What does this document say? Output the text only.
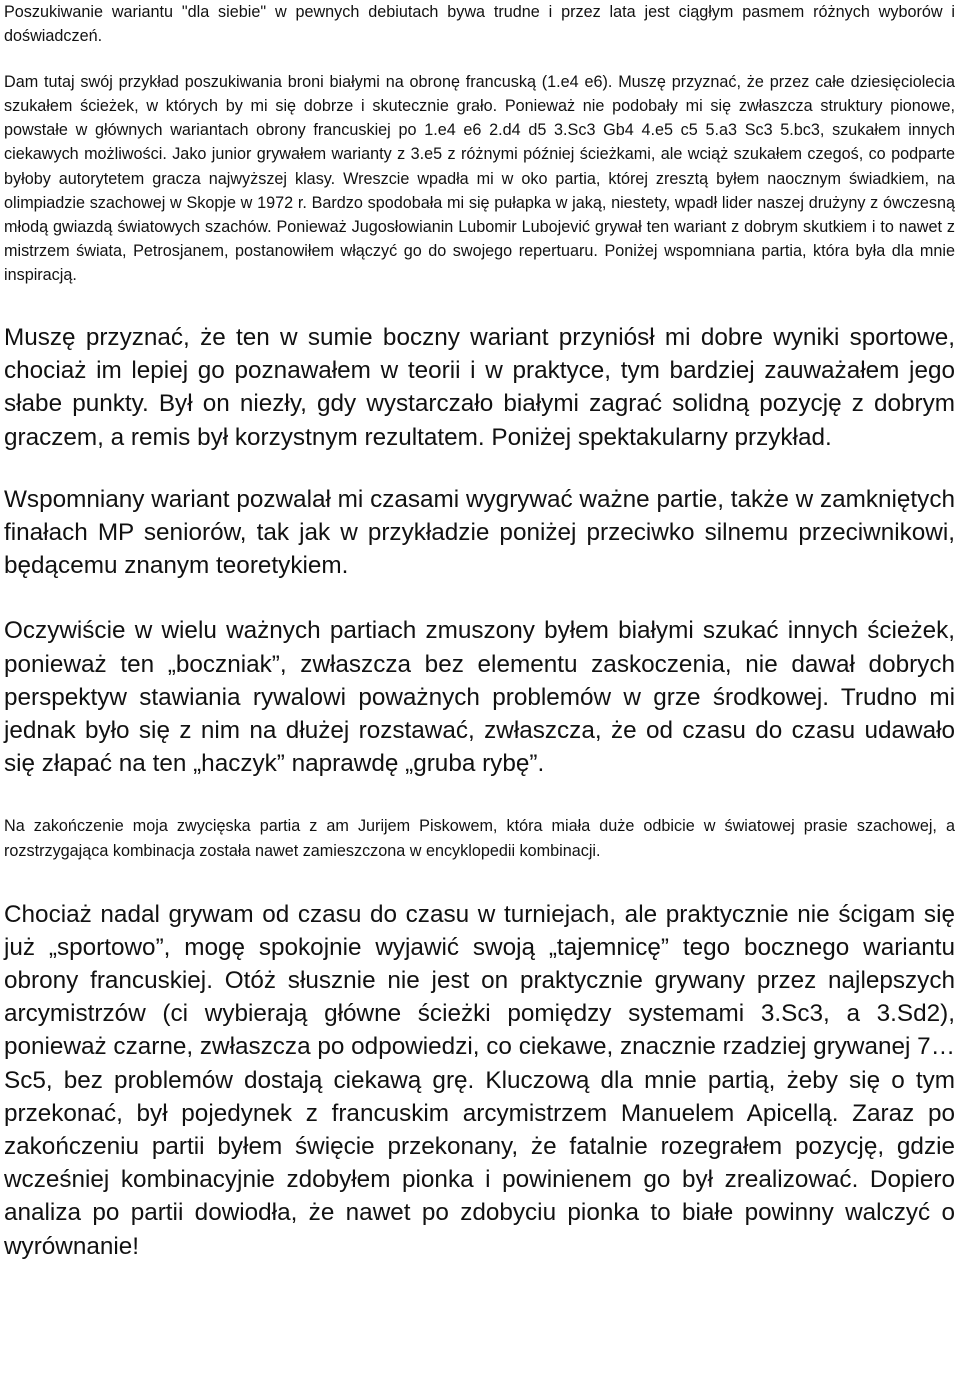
Poszukiwanie wariantu "dla siebie" w pewnych debiutach bywa trudne i przez lata jest ciągłym pasmem różnych wyborów i doświadczeń.

Dam tutaj swój przykład poszukiwania broni białymi na obronę francuską (1.e4 e6). Muszę przyznać, że przez całe dziesięciolecia szukałem ścieżek, w których by mi się dobrze i skutecznie grało. Ponieważ nie podobały mi się zwłaszcza struktury pionowe, powstałe w głównych wariantach obrony francuskiej po 1.e4 e6 2.d4 d5 3.Sc3 Gb4 4.e5 c5 5.a3 Sc3 5.bc3, szukałem innych ciekawych możliwości. Jako junior grywałem warianty z 3.e5 z różnymi później ścieżkami, ale wciąż szukałem czegoś, co podparte byłoby autorytetem gracza najwyższej klasy. Wreszcie wpadła mi w oko partia, której zresztą byłem naocznym świadkiem, na olimpiadzie szachowej w Skopje w 1972 r. Bardzo spodobała mi się pułapka w jaką, niestety, wpadł lider naszej drużyny z ówczesną młodą gwiazdą światowych szachów. Ponieważ Jugosłowianin Lubomir Lubojević grywał ten wariant z dobrym skutkiem i to nawet z mistrzem świata, Petrosjanem, postanowiłem włączyć go do swojego repertuaru. Poniżej wspomniana partia, która była dla mnie inspiracją.

Muszę przyznać, że ten w sumie boczny wariant przyniósł mi dobre wyniki sportowe, chociaż im lepiej go poznawałem w teorii i w praktyce, tym bardziej zauważałem jego słabe punkty. Był on niezły, gdy wystarczało białymi zagrać solidną pozycję z dobrym graczem, a remis był korzystnym rezultatem. Poniżej spektakularny przykład.

Wspomniany wariant pozwalał mi czasami wygrywać ważne partie, także w zamkniętych finałach MP seniorów, tak jak w przykładzie poniżej przeciwko silnemu przeciwnikowi, będącemu znanym teoretykiem.

Oczywiście w wielu ważnych partiach zmuszony byłem białymi szukać innych ścieżek, ponieważ ten „boczniak”, zwłaszcza bez elementu zaskoczenia, nie dawał dobrych perspektyw stawiania rywalowi poważnych problemów w grze środkowej. Trudno mi jednak było się z nim na dłużej rozstawać, zwłaszcza, że od czasu do czasu udawało się złapać na ten „haczyk” naprawdę „gruba rybę”.

Na zakończenie moja zwycięska partia z am Jurijem Piskowem, która miała duże odbicie w światowej prasie szachowej, a rozstrzygająca kombinacja została nawet zamieszczona w encyklopedii kombinacji.

Chociaż nadal grywam od czasu do czasu w turniejach, ale praktycznie nie ścigam się już „sportowo”, mogę spokojnie wyjawić swoją „tajemnicę” tego bocznego wariantu obrony francuskiej. Otóż słusznie nie jest on praktycznie grywany przez najlepszych arcymistrzów (ci wybierają główne ścieżki pomiędzy systemami 3.Sc3, a 3.Sd2), ponieważ czarne, zwłaszcza po odpowiedzi, co ciekawe, znacznie rzadziej grywanej 7…Sc5, bez problemów dostają ciekawą grę. Kluczową dla mnie partią, żeby się o tym przekonać, był pojedynek z francuskim arcymistrzem Manuelem Apicellą. Zaraz po zakończeniu partii byłem święcie przekonany, że fatalnie rozegrałem pozycję, gdzie wcześniej kombinacyjnie zdobyłem pionka i powinienem go był zrealizować. Dopiero analiza po partii dowiodła, że nawet po zdobyciu pionka to białe powinny walczyć o wyrównanie!
